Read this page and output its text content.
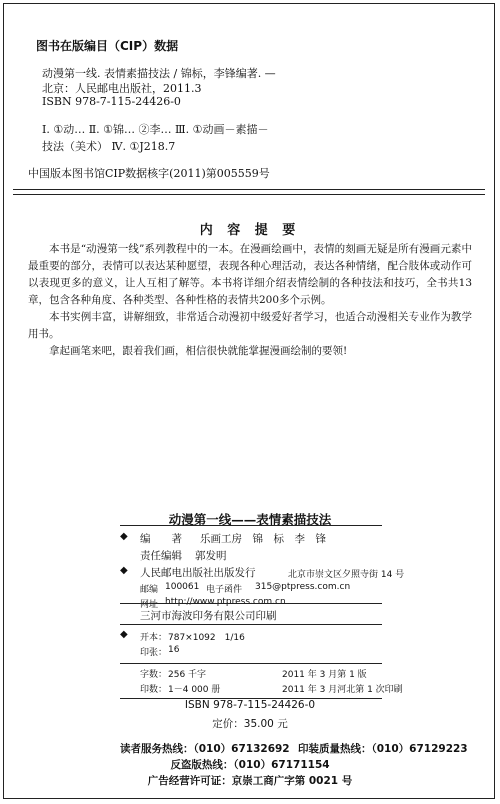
图书在版编目（CIP）数据
动漫第一线. 表情素描技法 / 锦标，李锋编著. —
北京：人民邮电出版社，2011.3
ISBN 978-7-115-24426-0
Ⅰ. ①动… Ⅱ. ①锦… ②李… Ⅲ. ①动画－素描－
技法（美术） Ⅳ. ①J218.7
中国版本图书馆CIP数据核字(2011)第005559号
内 容 提 要

本书是“动漫第一线”系列教程中的一本。在漫画绘画中，表情的刻画无疑是所有漫画元素中最重要的部分，表情可以表达某种愿望，表现各种心理活动，表达各种情绪，配合肢体或动作可以表现更多的意义，让人互相了解等。本书将详细介绍表情绘制的各种技法和技巧，全书共13章，包含各种角度、各种类型、各种性格的表情共200多个示例。

本书实例丰富，讲解细致，非常适合动漫初中级爱好者学习，也适合动漫相关专业作为教学用书。

拿起画笔来吧，跟着我们画，相信很快就能掌握漫画绘制的要领!

动漫第一线——表情素描技法
◆ 编　　著 乐画工房　锦　标　李　锋
责任编辑 郭发明
◆ 人民邮电出版社出版发行	北京市崇文区夕照寺街 14 号
邮编 100061 电子函件 315@ptpress.com.cn
网址 http://www.ptpress.com.cn
三河市海波印务有限公司印刷
◆ 开本： 787×1092　1/16
印张： 16
字数： 256 千字	2011 年 3 月第 1 版
印数： 1－4 000 册	2011 年 3 月河北第 1 次印刷
ISBN 978-7-115-24426-0
定价：35.00 元
读者服务热线：（010）67132692 印装质量热线：（010）67129223
反盗版热线：（010）67171154
广告经营许可证：京崇工商广字第 0021 号
